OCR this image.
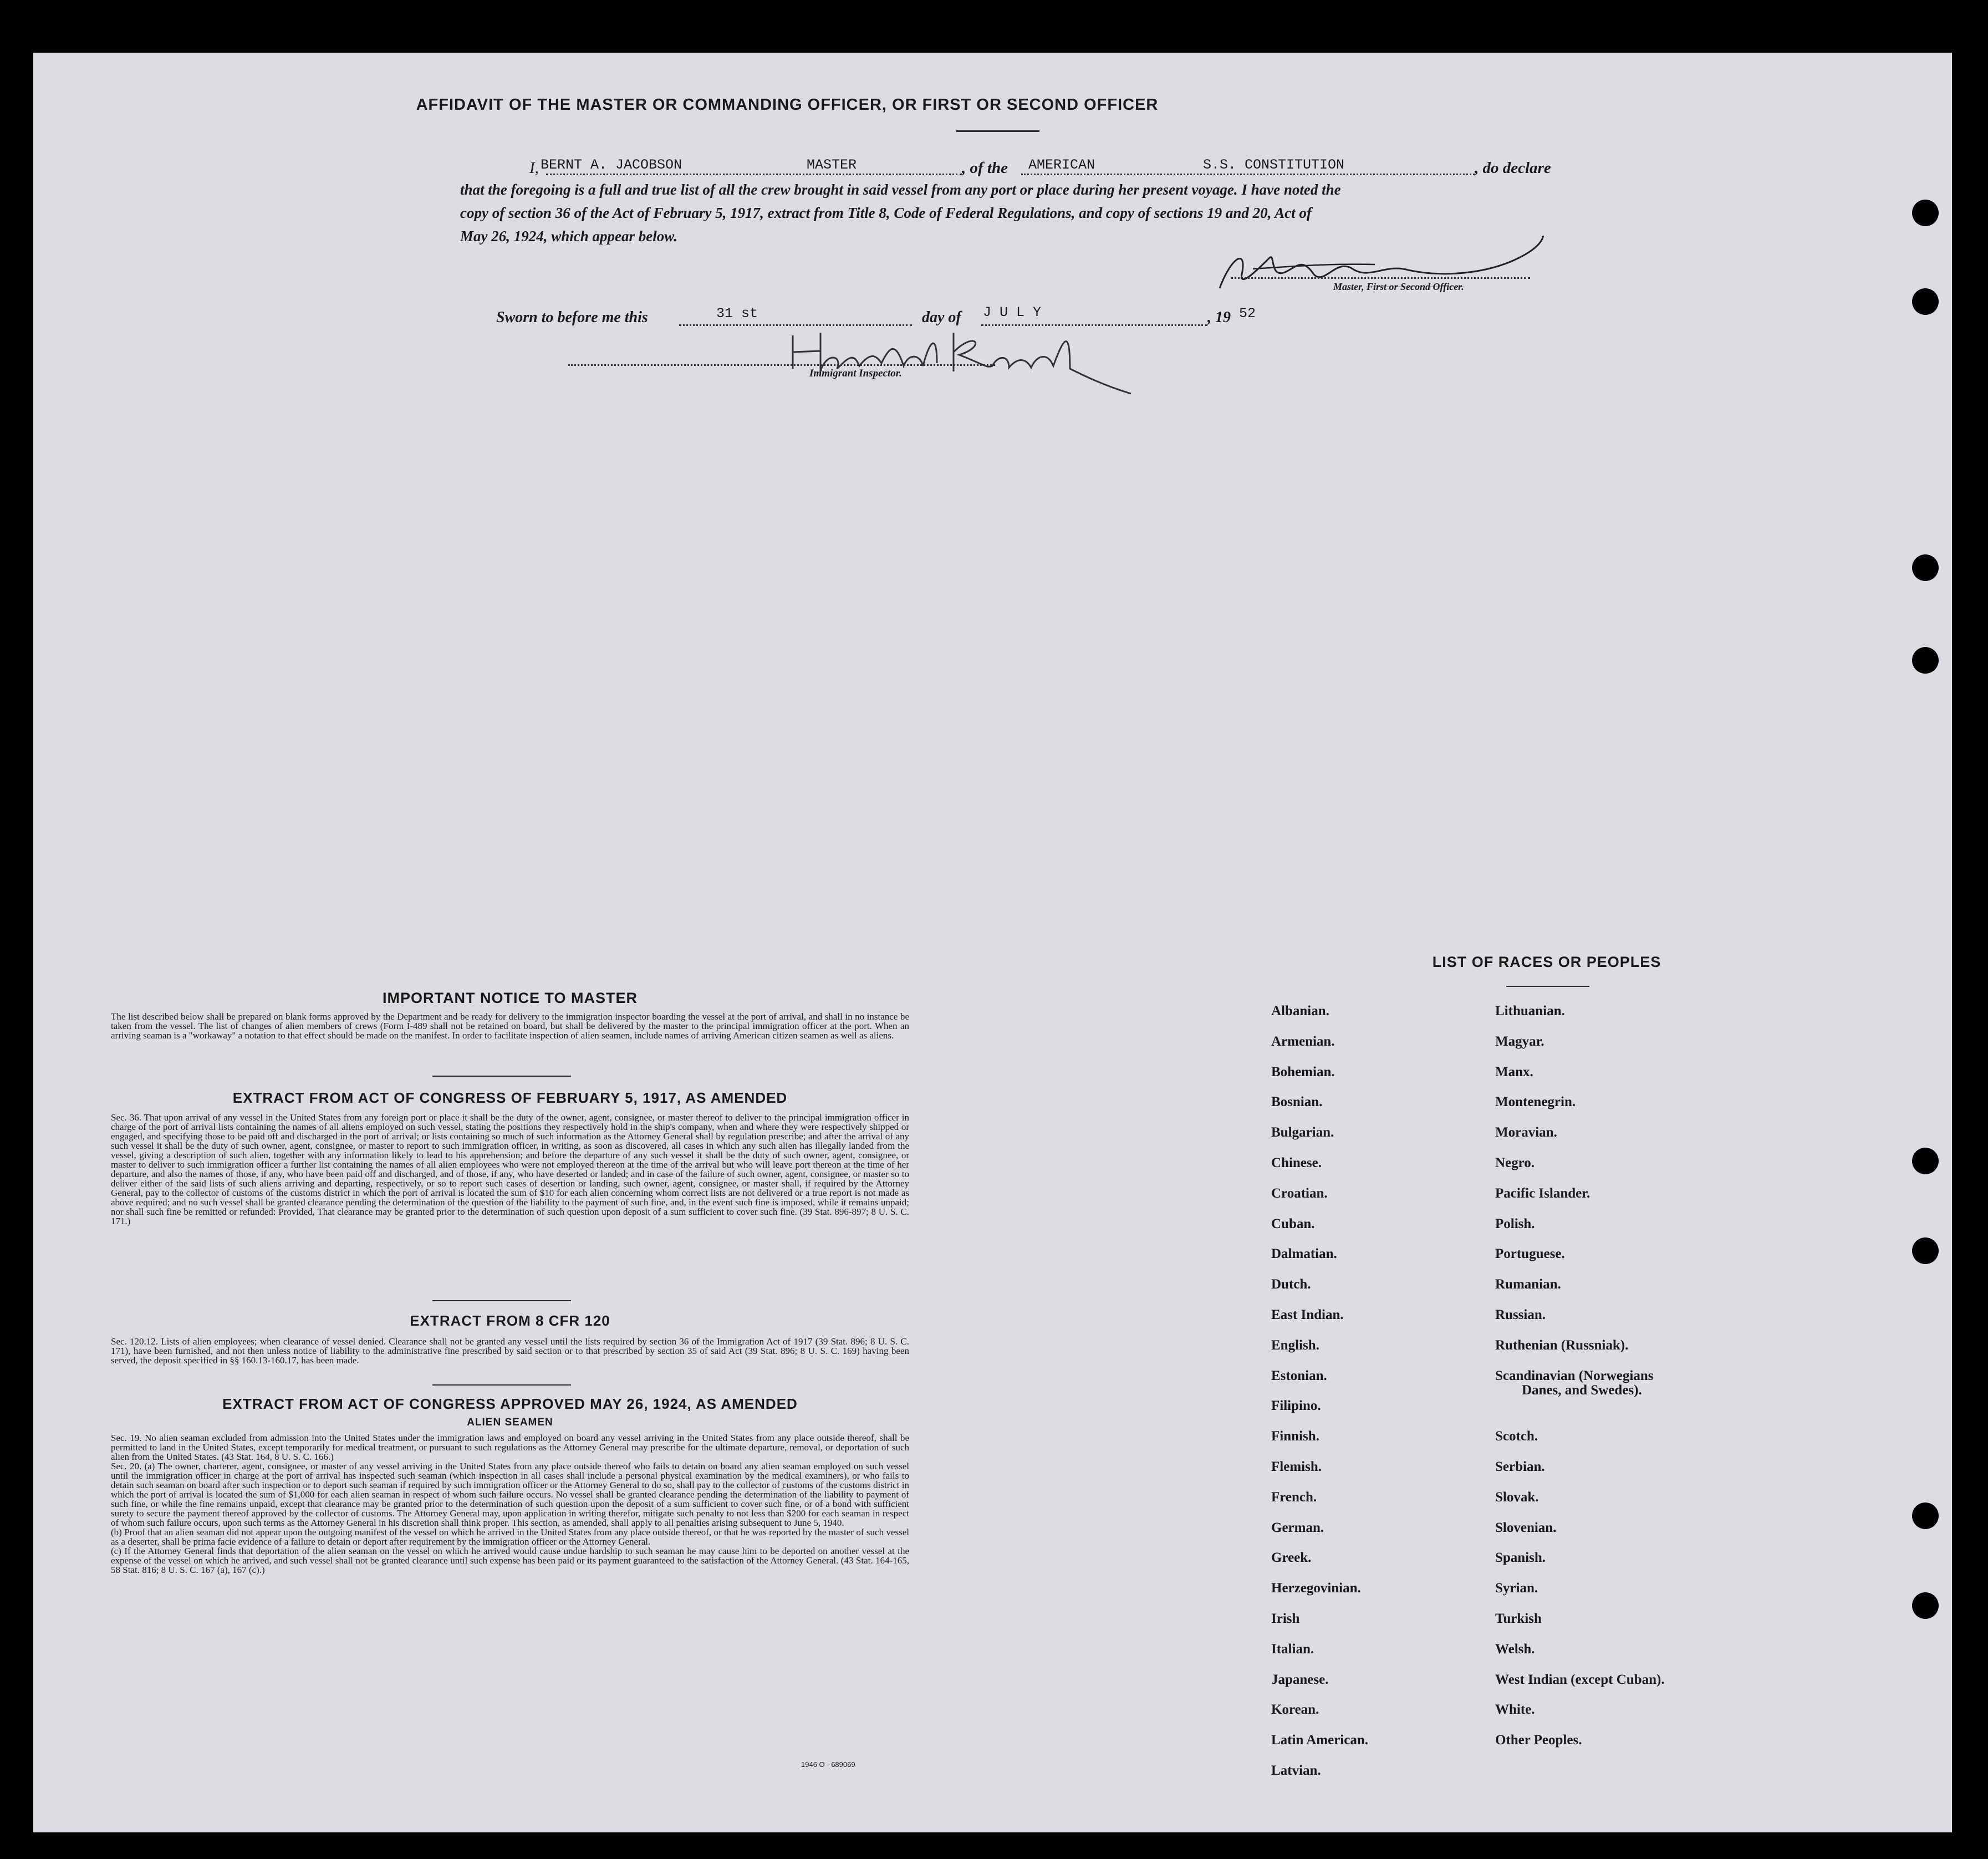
AFFIDAVIT OF THE MASTER OR COMMANDING OFFICER, OR FIRST OR SECOND OFFICER
I, BERNT A. JACOBSON	MASTER	, of the AMERICAN	S.S. CONSTITUTION	, do declare
that the foregoing is a full and true list of all the crew brought in said vessel from any port or place during her present voyage. I have noted the
copy of section 36 of the Act of February 5, 1917, extract from Title 8, Code of Federal Regulations, and copy of sections 19 and 20, Act of
May 26, 1924, which appear below.
Master, First or Second Officer.
Sworn to before me this	31 st	day of J U L Y	, 19 52
Immigrant Inspector.
IMPORTANT NOTICE TO MASTER
The list described below shall be prepared on blank forms approved by the Department and be ready for delivery to the immigration inspector boarding the vessel at the port of arrival, and shall in no instance be taken from the vessel. The list of changes of alien members of crews (Form I-489 shall not be retained on board, but shall be delivered by the master to the principal immigration officer at the port. When an arriving seaman is a "workaway" a notation to that effect should be made on the manifest. In order to facilitate inspection of alien seamen, include names of arriving American citizen seamen as well as aliens.
EXTRACT FROM ACT OF CONGRESS OF FEBRUARY 5, 1917, AS AMENDED
Sec. 36. That upon arrival of any vessel in the United States from any foreign port or place it shall be the duty of the owner, agent, consignee, or master thereof to deliver to the principal immigration officer in charge of the port of arrival lists containing the names of all aliens employed on such vessel, stating the positions they respectively hold in the ship's company, when and where they were respectively shipped or engaged, and specifying those to be paid off and discharged in the port of arrival; or lists containing so much of such information as the Attorney General shall by regulation prescribe; and after the arrival of any such vessel it shall be the duty of such owner, agent, consignee, or master to report to such immigration officer, in writing, as soon as discovered, all cases in which any such alien has illegally landed from the vessel, giving a description of such alien, together with any information likely to lead to his apprehension; and before the departure of any such vessel it shall be the duty of such owner, agent, consignee, or master to deliver to such immigration officer a further list containing the names of all alien employees who were not employed thereon at the time of the arrival but who will leave port thereon at the time of her departure, and also the names of those, if any, who have been paid off and discharged, and of those, if any, who have deserted or landed; and in case of the failure of such owner, agent, consignee, or master so to deliver either of the said lists of such aliens arriving and departing, respectively, or so to report such cases of desertion or landing, such owner, agent, consignee, or master shall, if required by the Attorney General, pay to the collector of customs of the customs district in which the port of arrival is located the sum of $10 for each alien concerning whom correct lists are not delivered or a true report is not made as above required; and no such vessel shall be granted clearance pending the determination of the question of the liability to the payment of such fine, and, in the event such fine is imposed, while it remains unpaid; nor shall such fine be remitted or refunded: Provided, That clearance may be granted prior to the determination of such question upon deposit of a sum sufficient to cover such fine. (39 Stat. 896-897; 8 U. S. C. 171.)
EXTRACT FROM 8 CFR 120
Sec. 120.12. Lists of alien employees; when clearance of vessel denied. Clearance shall not be granted any vessel until the lists required by section 36 of the Immigration Act of 1917 (39 Stat. 896; 8 U. S. C. 171), have been furnished, and not then unless notice of liability to the administrative fine prescribed by said section or to that prescribed by section 35 of said Act (39 Stat. 896; 8 U. S. C. 169) having been served, the deposit specified in §§ 160.13-160.17, has been made.
EXTRACT FROM ACT OF CONGRESS APPROVED MAY 26, 1924, AS AMENDED
ALIEN SEAMEN
Sec. 19. No alien seaman excluded from admission into the United States under the immigration laws and employed on board any vessel arriving in the United States from any place outside thereof, shall be permitted to land in the United States, except temporarily for medical treatment, or pursuant to such regulations as the Attorney General may prescribe for the ultimate departure, removal, or deportation of such alien from the United States. (43 Stat. 164, 8 U. S. C. 166.)
Sec. 20. (a) The owner, charterer, agent, consignee, or master of any vessel arriving in the United States from any place outside thereof who fails to detain on board any alien seaman employed on such vessel until the immigration officer in charge at the port of arrival has inspected such seaman (which inspection in all cases shall include a personal physical examination by the medical examiners), or who fails to detain such seaman on board after such inspection or to deport such seaman if required by such immigration officer or the Attorney General to do so, shall pay to the collector of customs of the customs district in which the port of arrival is located the sum of $1,000 for each alien seaman in respect of whom such failure occurs. No vessel shall be granted clearance pending the determination of the liability to payment of such fine, or while the fine remains unpaid, except that clearance may be granted prior to the determination of such question upon the deposit of a sum sufficient to cover such fine, or of a bond with sufficient surety to secure the payment thereof approved by the collector of customs. The Attorney General may, upon application in writing therefor, mitigate such penalty to not less than $200 for each seaman in respect of whom such failure occurs, upon such terms as the Attorney General in his discretion shall think proper. This section, as amended, shall apply to all penalties arising subsequent to June 5, 1940.
(b) Proof that an alien seaman did not appear upon the outgoing manifest of the vessel on which he arrived in the United States from any place outside thereof, or that he was reported by the master of such vessel as a deserter, shall be prima facie evidence of a failure to detain or deport after requirement by the immigration officer or the Attorney General.
(c) If the Attorney General finds that deportation of the alien seaman on the vessel on which he arrived would cause undue hardship to such seaman he may cause him to be deported on another vessel at the expense of the vessel on which he arrived, and such vessel shall not be granted clearance until such expense has been paid or its payment guaranteed to the satisfaction of the Attorney General. (43 Stat. 164-165, 58 Stat. 816; 8 U. S. C. 167 (a), 167 (c).)
1946 O - 689069
LIST OF RACES OR PEOPLES
Albanian.
Armenian.
Bohemian.
Bosnian.
Bulgarian.
Chinese.
Croatian.
Cuban.
Dalmatian.
Dutch.
East Indian.
English.
Estonian.
Filipino.
Finnish.
Flemish.
French.
German.
Greek.
Herzegovinian.
Irish
Italian.
Japanese.
Korean.
Latin American.
Latvian.
Lithuanian.
Magyar.
Manx.
Montenegrin.
Moravian.
Negro.
Pacific Islander.
Polish.
Portuguese.
Rumanian.
Russian.
Ruthenian (Russniak).
Scandinavian (Norwegians
Danes, and Swedes).
Scotch.
Serbian.
Slovak.
Slovenian.
Spanish.
Syrian.
Turkish
Welsh.
West Indian (except Cuban).
White.
Other Peoples.
